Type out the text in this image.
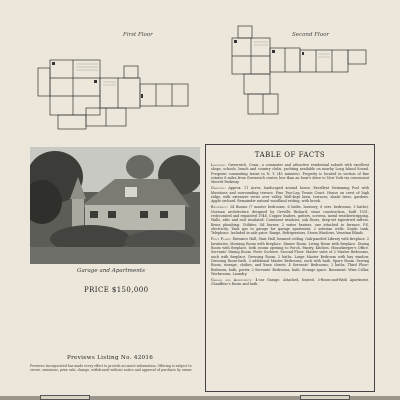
First Floor	Second Floor
Garage and Apartments
PRICE $150,000
Previews Listing No. 42016
Previews Incorporated has made every effort to provide accurate information. Offering is subject to errors, omissions, prior sale, change, withdrawal without notice and approval of purchase by owner.
TABLE OF FACTS

Location: Greenwich, Conn., a commuter and attractive residential suburb with excellent shops, schools, beach and country clubs, yachting available on nearby Long Island Sound. Frequent commuting trains to N. Y. (45 minutes). Property is located in section of fine estates 8 miles from Greenwich center, less than an hour's drive to New York via convenient Merritt Parkway.

Grounds: Approx. 11 Acres, landscaped around house. Excellent Swimming Pool with bluestone and surrounding terrace. Fine Two-Lap Tennis Court. House on crest of high ridge, with extensive views over valley. Well-kept lawn, terraces, shade trees, gardens. Apple orchard. Remainder natural woodland setting, with brook.

Residence: 34 Rooms (7 master bedrooms, 6 baths, lavatory; 6 serv. bedrooms, 3 baths). Norman architecture designed by Greville Rickard; stone construction, built 1931, redecorated and repainted 1946. Copper leaders, gutters, screens, metal weatherstripping. Walls, attic and roof insulated. Casement windows, oak floors, deep-set tapestried rafters. Brass plumbing. Utilities: Oil burner, 2 water heaters, one attached to furnace. P.S. electricity. Tank gas to garage for garage apartment. 2 artesian wells. Septic tank. Telephone. Included in sale price: Range, Refrigerators, Storm Windows, Venetian Blinds.

First Floor: Entrance Hall, Stair Hall, beamed ceiling. Oak-paneled Library with fireplace. 2 lavatories. Morning Room with fireplace. Dinner Room. Living Room with fireplace. Dining Room with fireplace, both rooms opening to Porch. Pantry, Kitchen. Housekeeper's Office. Servants' Dining Room. Porte Cochere. Second Floor: Master suite of 2 Master Bedrooms, each with fireplace, Dressing Room, 2 baths. Large Master Bedroom with bay window, Dressing Room-bath. 3 additional Master Bedrooms, each with bath. Spare Room. Sewing Room, storage, clothes, and linen closets. 4 Servants' Bedrooms; 2 baths. Third Floor: Bedroom, bath, porter. 2 Servants' Bedrooms, bath. Storage space. Basement: Wine Cellar, Workrooms, Laundry.

Garage and Apartments: 4-car Garage. Attached, heated, 3-Room-and-Bath Apartment. Chauffeur's Room and bath.
